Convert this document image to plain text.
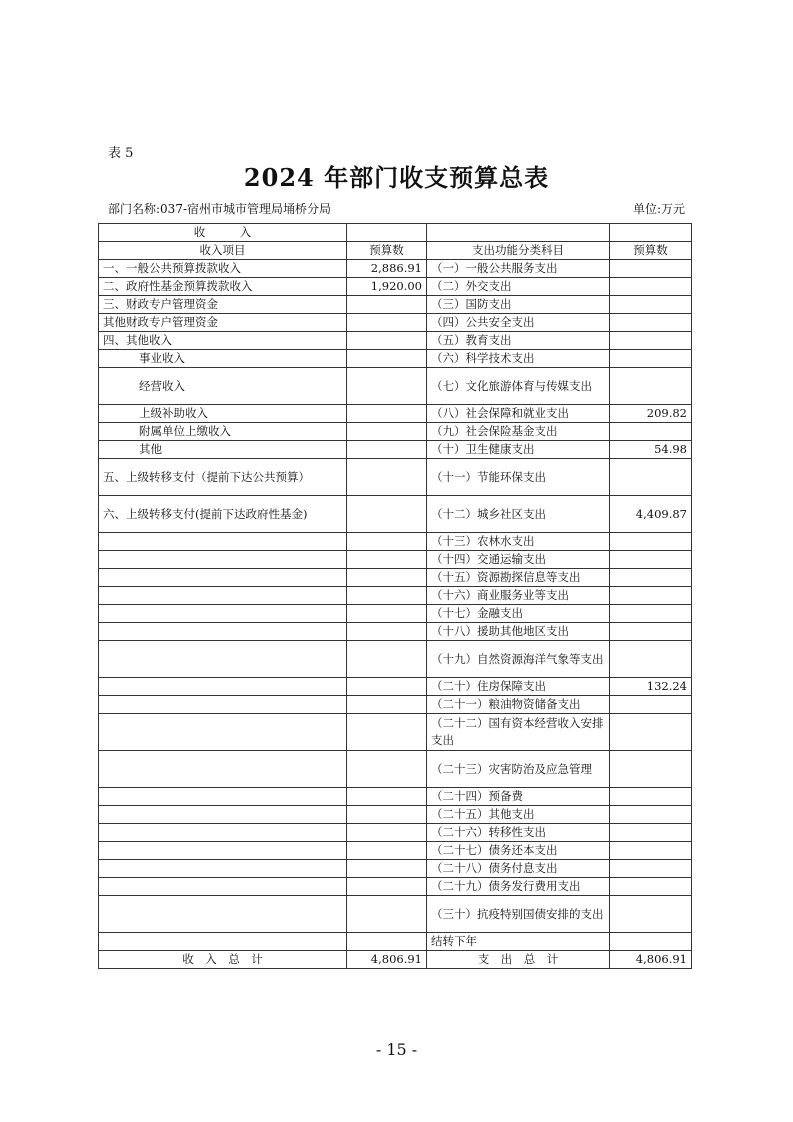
表 5
2024 年部门收支预算总表
部门名称:037-宿州市城市管理局埇桥分局	单位:万元
收　　　入			
收入项目	预算数	支出功能分类科目	预算数
一、一般公共预算拨款收入	2,886.91	（一）一般公共服务支出	
二、政府性基金预算拨款收入	1,920.00	（二）外交支出	
三、财政专户管理资金		（三）国防支出	
其他财政专户管理资金		（四）公共安全支出	
四、其他收入		（五）教育支出	
事业收入		（六）科学技术支出	
经营收入		（七）文化旅游体育与传媒支出	
上级补助收入		（八）社会保障和就业支出	209.82
附属单位上缴收入		（九）社会保险基金支出	
其他		（十）卫生健康支出	54.98
五、上级转移支付（提前下达公共预算）		（十一）节能环保支出	
六、上级转移支付(提前下达政府性基金)		（十二）城乡社区支出	4,409.87
		（十三）农林水支出	
		（十四）交通运输支出	
		（十五）资源勘探信息等支出	
		（十六）商业服务业等支出	
		（十七）金融支出	
		（十八）援助其他地区支出	
		（十九）自然资源海洋气象等支出	
		（二十）住房保障支出	132.24
		（二十一）粮油物资储备支出	
		（二十二）国有资本经营收入安排支出	
		（二十三）灾害防治及应急管理	
		（二十四）预备费	
		（二十五）其他支出	
		（二十六）转移性支出	
		（二十七）债务还本支出	
		（二十八）债务付息支出	
		（二十九）债务发行费用支出	
		（三十）抗疫特别国债安排的支出	
		结转下年	
收　入　总　计	4,806.91	支　出　总　计	4,806.91
- 15 -
